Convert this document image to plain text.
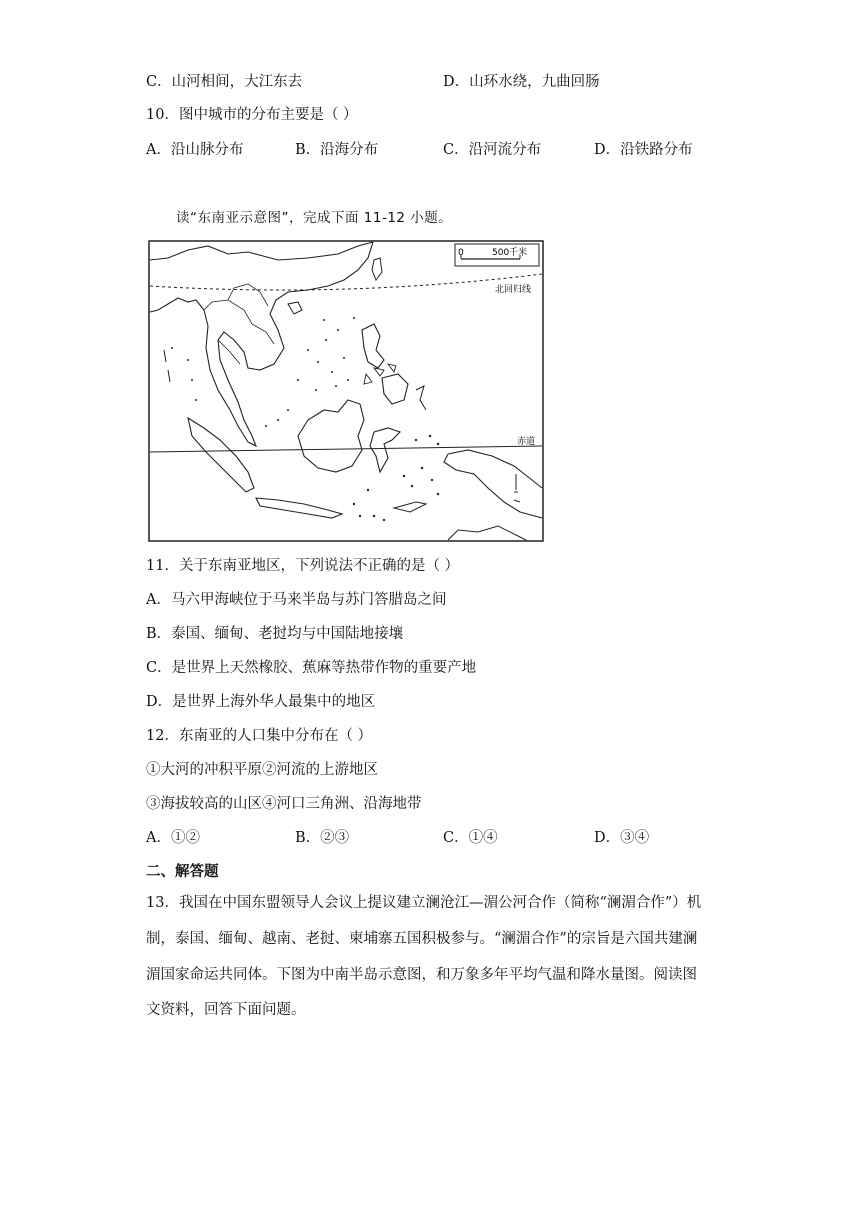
C．山河相间，大江东去	D．山环水绕，九曲回肠
10．图中城市的分布主要是（ ）
A．沿山脉分布	B．沿海分布	C．沿河流分布	D．沿铁路分布
读“东南亚示意图”，完成下面 11-12 小题。
0	500千米
北回归线
赤道
11．关于东南亚地区，下列说法不正确的是（ ）
A．马六甲海峡位于马来半岛与苏门答腊岛之间
B．泰国、缅甸、老挝均与中国陆地接壤
C．是世界上天然橡胶、蕉麻等热带作物的重要产地
D．是世界上海外华人最集中的地区
12．东南亚的人口集中分布在（ ）
①大河的冲积平原②河流的上游地区
③海拔较高的山区④河口三角洲、沿海地带
A．①②	B．②③	C．①④	D．③④
二、解答题
13．我国在中国东盟领导人会议上提议建立澜沧江—湄公河合作（简称“澜湄合作”）机
制，泰国、缅甸、越南、老挝、柬埔寨五国积极参与。“澜湄合作”的宗旨是六国共建澜
湄国家命运共同体。下图为中南半岛示意图，和万象多年平均气温和降水量图。阅读图
文资料，回答下面问题。
